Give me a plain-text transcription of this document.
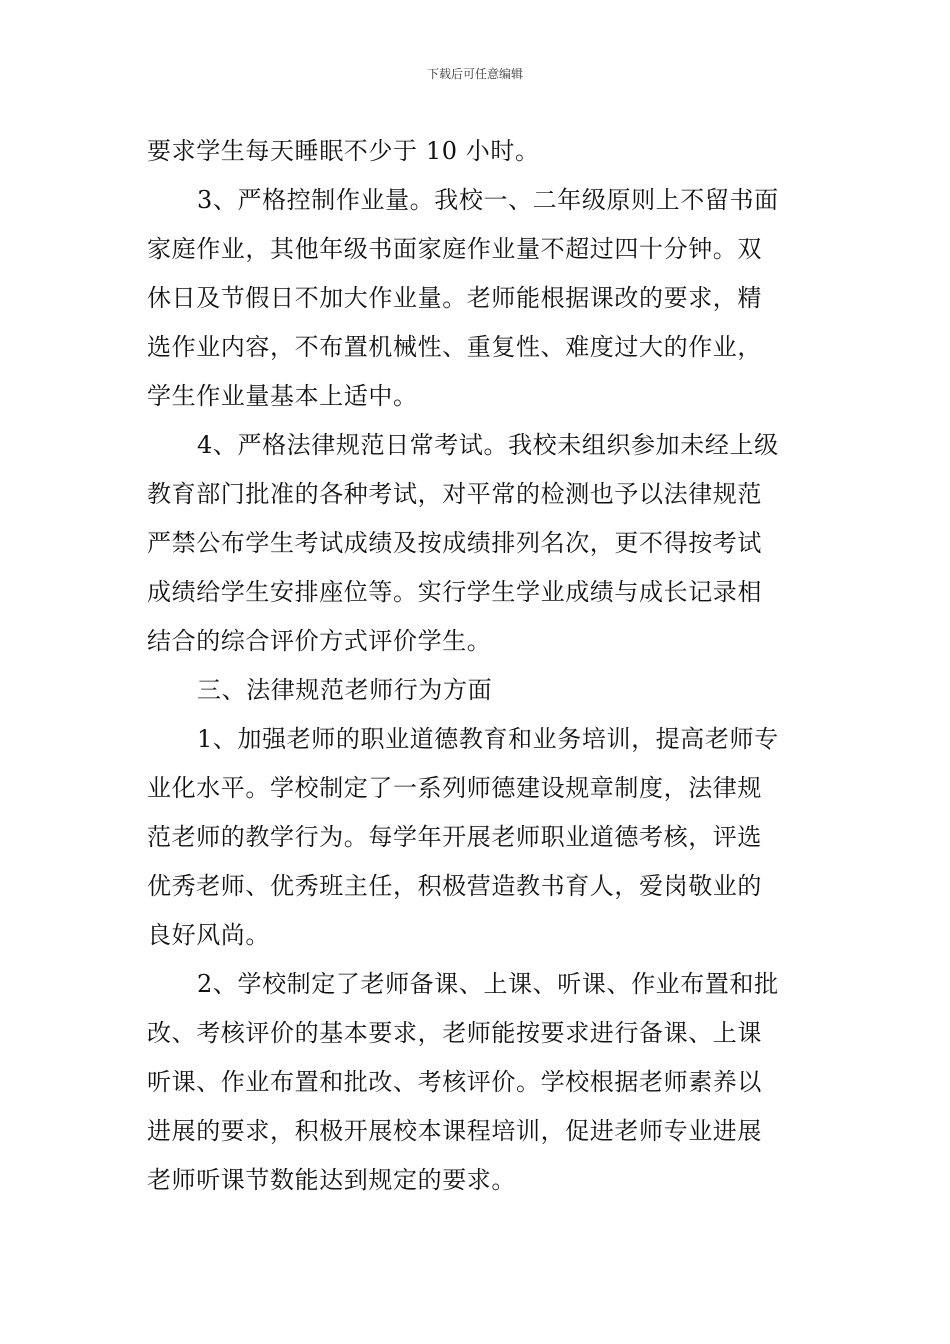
下载后可任意编辑
要求学生每天睡眠不少于 10 小时。
3、严格控制作业量。我校一、二年级原则上不留书面
家庭作业，其他年级书面家庭作业量不超过四十分钟。双
休日及节假日不加大作业量。老师能根据课改的要求，精
选作业内容，不布置机械性、重复性、难度过大的作业，
学生作业量基本上适中。
4、严格法律规范日常考试。我校未组织参加未经上级
教育部门批准的各种考试，对平常的检测也予以法律规范
严禁公布学生考试成绩及按成绩排列名次，更不得按考试
成绩给学生安排座位等。实行学生学业成绩与成长记录相
结合的综合评价方式评价学生。
三、法律规范老师行为方面
1、加强老师的职业道德教育和业务培训，提高老师专
业化水平。学校制定了一系列师德建设规章制度，法律规
范老师的教学行为。每学年开展老师职业道德考核，评选
优秀老师、优秀班主任，积极营造教书育人，爱岗敬业的
良好风尚。
2、学校制定了老师备课、上课、听课、作业布置和批
改、考核评价的基本要求，老师能按要求进行备课、上课
听课、作业布置和批改、考核评价。学校根据老师素养以
进展的要求，积极开展校本课程培训，促进老师专业进展
老师听课节数能达到规定的要求。
